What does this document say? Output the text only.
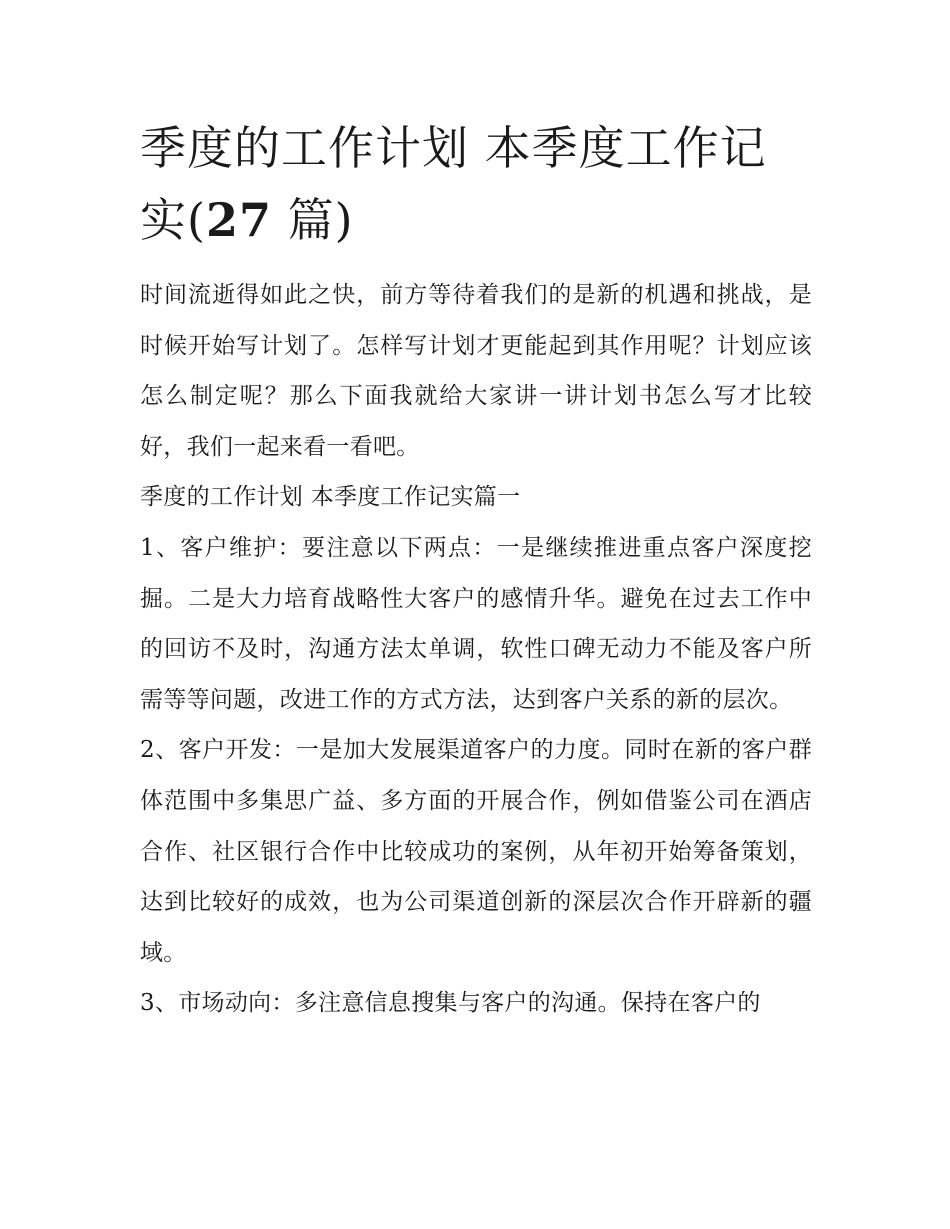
季度的工作计划 本季度工作记实(27 篇)

时间流逝得如此之快，前方等待着我们的是新的机遇和挑战，是时候开始写计划了。怎样写计划才更能起到其作用呢？计划应该怎么制定呢？那么下面我就给大家讲一讲计划书怎么写才比较好，我们一起来看一看吧。

季度的工作计划 本季度工作记实篇一

1、客户维护：要注意以下两点：一是继续推进重点客户深度挖掘。二是大力培育战略性大客户的感情升华。避免在过去工作中的回访不及时，沟通方法太单调，软性口碑无动力不能及客户所需等等问题，改进工作的方式方法，达到客户关系的新的层次。

2、客户开发：一是加大发展渠道客户的力度。同时在新的客户群体范围中多集思广益、多方面的开展合作，例如借鉴公司在酒店合作、社区银行合作中比较成功的案例，从年初开始筹备策划，达到比较好的成效，也为公司渠道创新的深层次合作开辟新的疆域。

3、市场动向：多注意信息搜集与客户的沟通。保持在客户的
